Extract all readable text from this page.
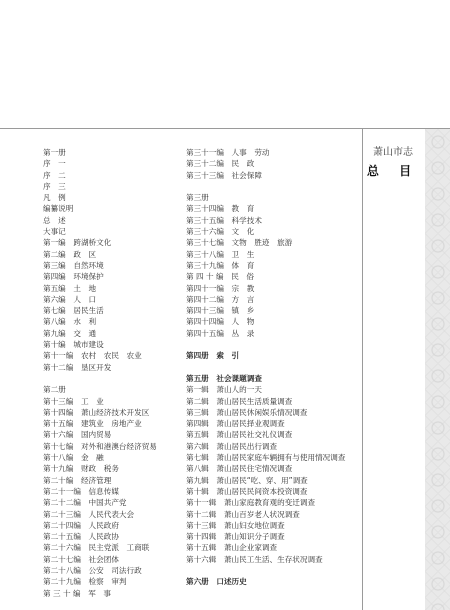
第一册
序　一
序　二
序　三
凡　例
编纂说明
总　述
大事记
第一编　跨湖桥文化
第二编　政　区
第三编　自然环境
第四编　环境保护
第五编　土　地
第六编　人　口
第七编　居民生活
第八编　水　利
第九编　交　通
第十编　城市建设
第十一编　农村　农民　农业
第十二编　垦区开发
第二册
第十三编　工　业
第十四编　萧山经济技术开发区
第十五编　建筑业　房地产业
第十六编　国内贸易
第十七编　对外和港澳台经济贸易
第十八编　金　融
第十九编　财政　税务
第二十编　经济管理
第二十一编　信息传媒
第二十二编　中国共产党
第二十三编　人民代表大会
第二十四编　人民政府
第二十五编　人民政协
第二十六编　民主党派　工商联
第二十七编　社会团体
第二十八编　公安　司法行政
第二十九编　检察　审判
第 三 十 编　军　事
第三十一编　人事　劳动
第三十二编　民　政
第三十三编　社会保障
第三册
第三十四编　教　育
第三十五编　科学技术
第三十六编　文　化
第三十七编　文物　胜迹　旅游
第三十八编　卫　生
第三十九编　体　育
第 四 十 编　民　俗
第四十一编　宗　教
第四十二编　方　言
第四十三编　镇　乡
第四十四编　人　物
第四十五编　丛　录
第四册　索　引
第五册　社会课题调查
第一辑　萧山人的一天
第二辑　萧山居民生活质量调查
第三辑　萧山居民休闲娱乐情况调查
第四辑　萧山居民择业观调查
第五辑　萧山居民社交礼仪调查
第六辑　萧山居民出行调查
第七辑　萧山居民家庭车辆拥有与使用情况调查
第八辑　萧山居民住宅情况调查
第九辑　萧山居民“吃、穿、用”调查
第十辑　萧山居民民间资本投资调查
第十一辑　萧山家庭教育观的变迁调查
第十二辑　萧山百岁老人状况调查
第十三辑　萧山妇女地位调查
第十四辑　萧山知识分子调查
第十五辑　萧山企业家调查
第十六辑　萧山民工生活、生存状况调查
第六册　口述历史
萧山市志
总 目
